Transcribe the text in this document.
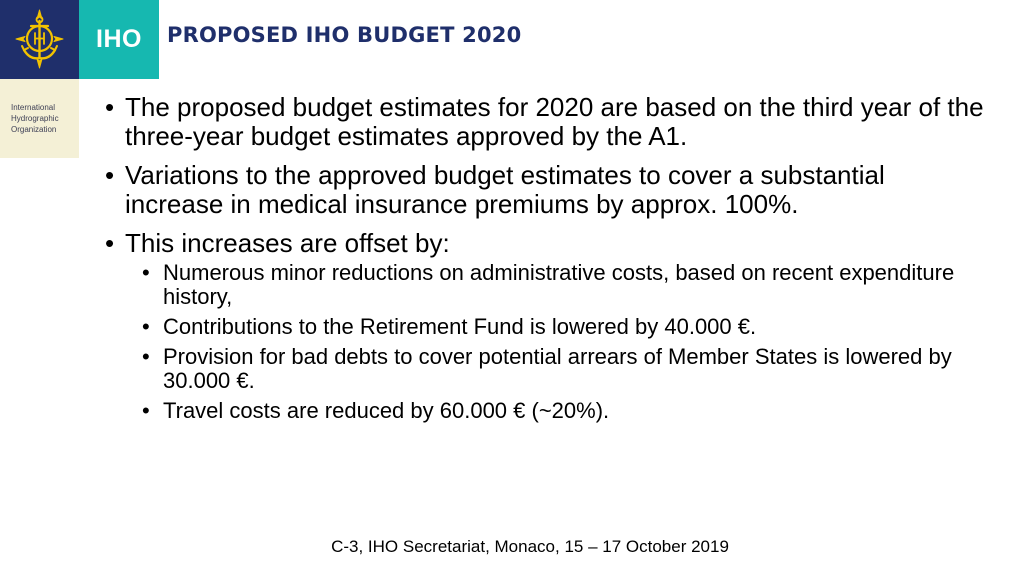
IHO
International
Hydrographic
Organization
PROPOSED IHO BUDGET 2020
• The proposed budget estimates for 2020 are based on the third year of the three-year budget estimates approved by the A1.
• Variations to the approved budget estimates to cover a substantial increase in medical insurance premiums by approx. 100%.
• This increases are offset by:
• Numerous minor reductions on administrative costs, based on recent expenditure history,
• Contributions to the Retirement Fund is lowered by 40.000 €.
• Provision for bad debts to cover potential arrears of Member States is lowered by 30.000 €.
• Travel costs are reduced by 60.000 € (~20%).
C-3, IHO Secretariat, Monaco, 15 – 17 October 2019
